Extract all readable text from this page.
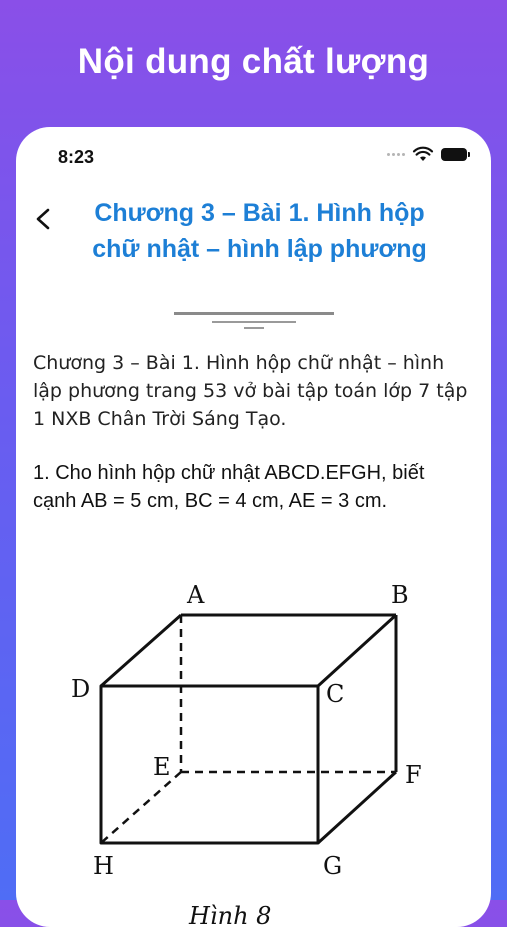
Nội dung chất lượng
8:23
Chương 3 – Bài 1. Hình hộp chữ nhật – hình lập phương
Chương 3 – Bài 1. Hình hộp chữ nhật – hình lập phương trang 53 vở bài tập toán lớp 7 tập 1 NXB Chân Trời Sáng Tạo.
1. Cho hình hộp chữ nhật ABCD.EFGH, biết cạnh AB = 5 cm, BC = 4 cm, AE = 3 cm.
A	B
C
D
E	F
G
H
Hình 8
